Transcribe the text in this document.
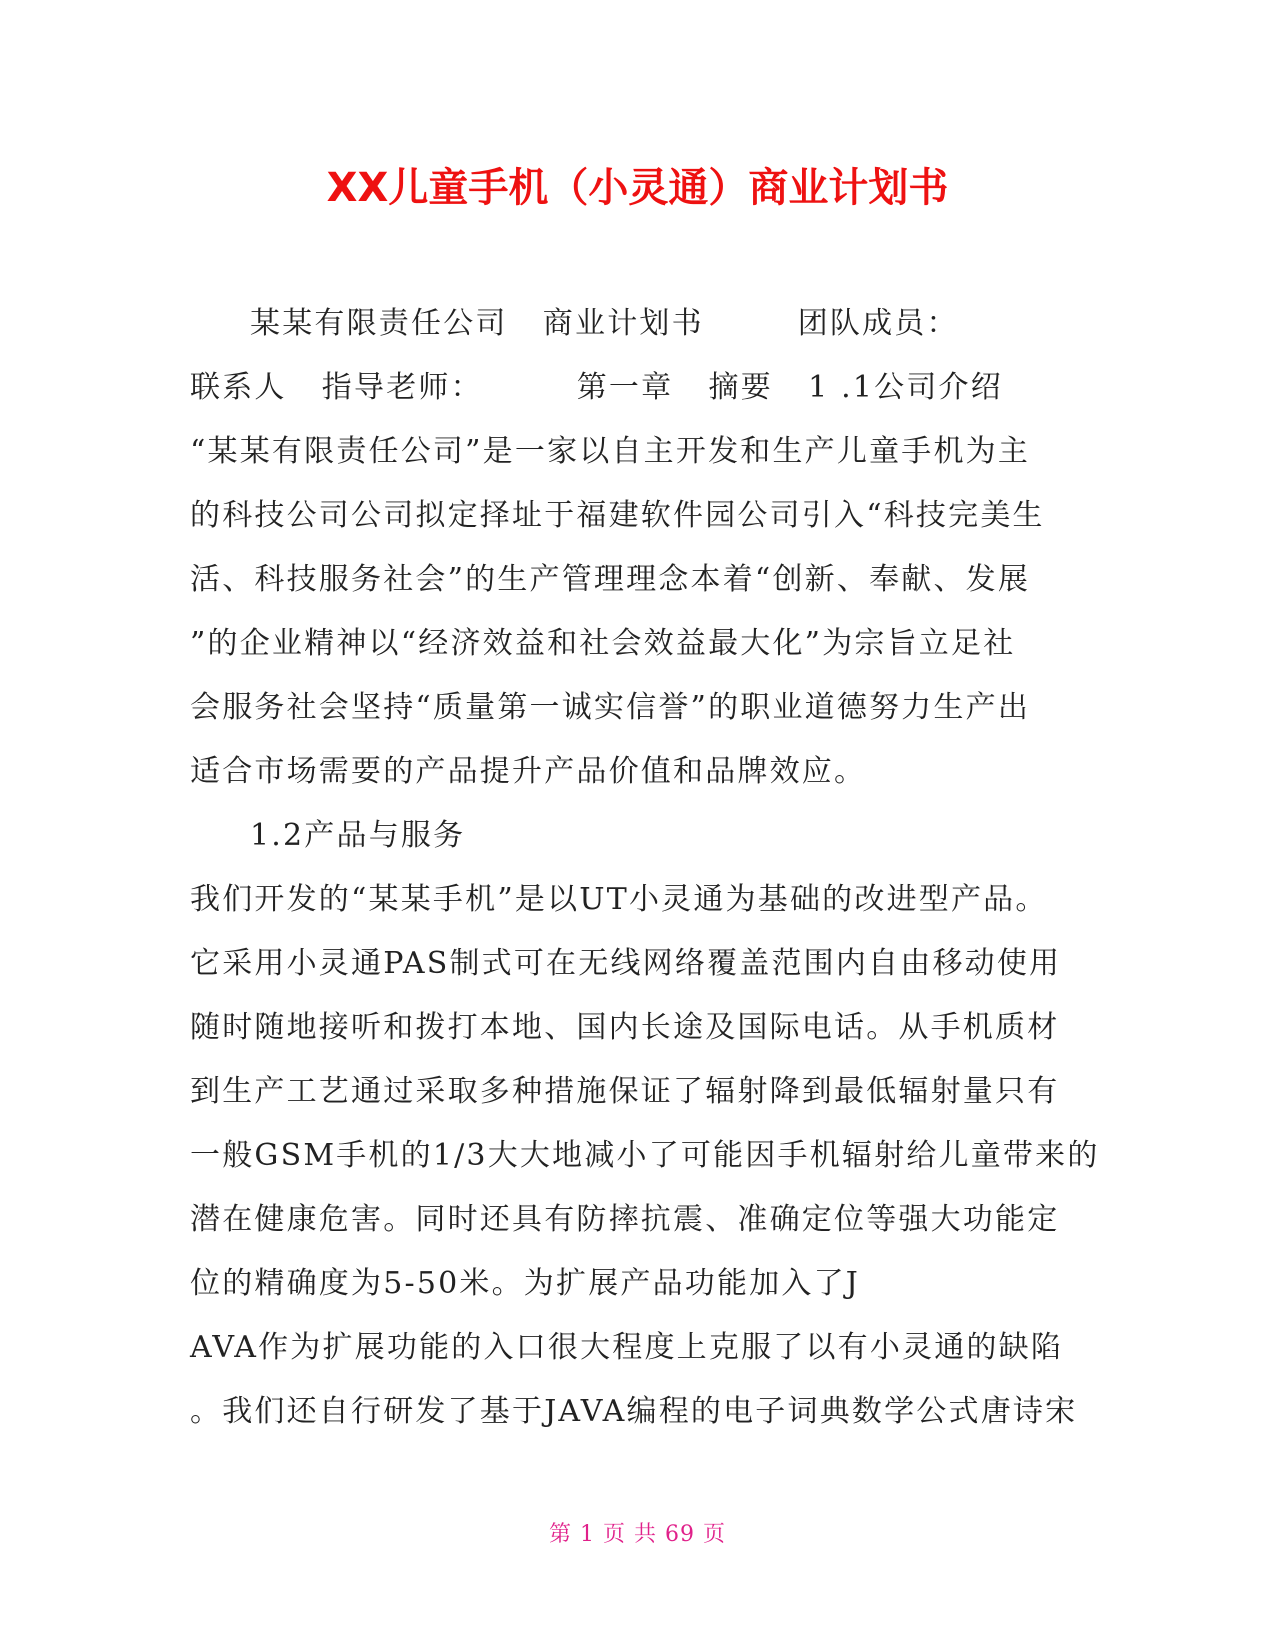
XX儿童手机（小灵通）商业计划书
某某有限责任公司   商业计划书        团队成员：
联系人   指导老师：        第一章   摘要   1 .1公司介绍
“某某有限责任公司”是一家以自主开发和生产儿童手机为主
的科技公司公司拟定择址于福建软件园公司引入“科技完美生
活、科技服务社会”的生产管理理念本着“创新、奉献、发展
”的企业精神以“经济效益和社会效益最大化”为宗旨立足社
会服务社会坚持“质量第一诚实信誉”的职业道德努力生产出
适合市场需要的产品提升产品价值和品牌效应。
1.2产品与服务
我们开发的“某某手机”是以UT小灵通为基础的改进型产品。
它采用小灵通PAS制式可在无线网络覆盖范围内自由移动使用
随时随地接听和拨打本地、国内长途及国际电话。从手机质材
到生产工艺通过采取多种措施保证了辐射降到最低辐射量只有
一般GSM手机的1/3大大地减小了可能因手机辐射给儿童带来的
潜在健康危害。同时还具有防摔抗震、准确定位等强大功能定
位的精确度为5-50米。为扩展产品功能加入了J
AVA作为扩展功能的入口很大程度上克服了以有小灵通的缺陷
。我们还自行研发了基于JAVA编程的电子词典数学公式唐诗宋
第 1 页 共 69 页
